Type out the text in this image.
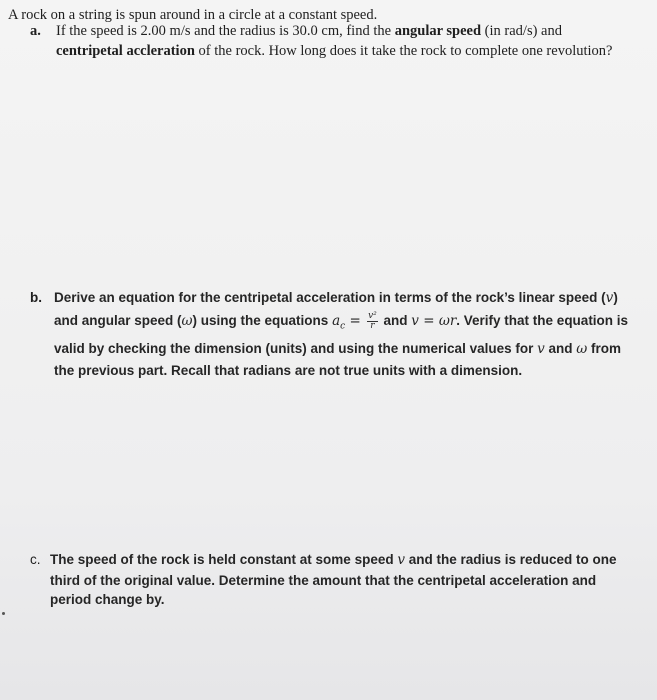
A rock on a string is spun around in a circle at a constant speed.
a. If the speed is 2.00 m/s and the radius is 30.0 cm, find the angular speed (in rad/s) and centripetal accleration of the rock. How long does it take the rock to complete one revolution?
b. Derive an equation for the centripetal acceleration in terms of the rock’s linear speed (v) and angular speed (ω) using the equations $a_c = \frac{\text{v²}}{r}$ and v = ωr. Verify that the equation is valid by checking the dimension (units) and using the numerical values for v and ω from the previous part. Recall that radians are not true units with a dimension.
c. The speed of the rock is held constant at some speed v and the radius is reduced to one third of the original value. Determine the amount that the centripetal acceleration and period change by.
